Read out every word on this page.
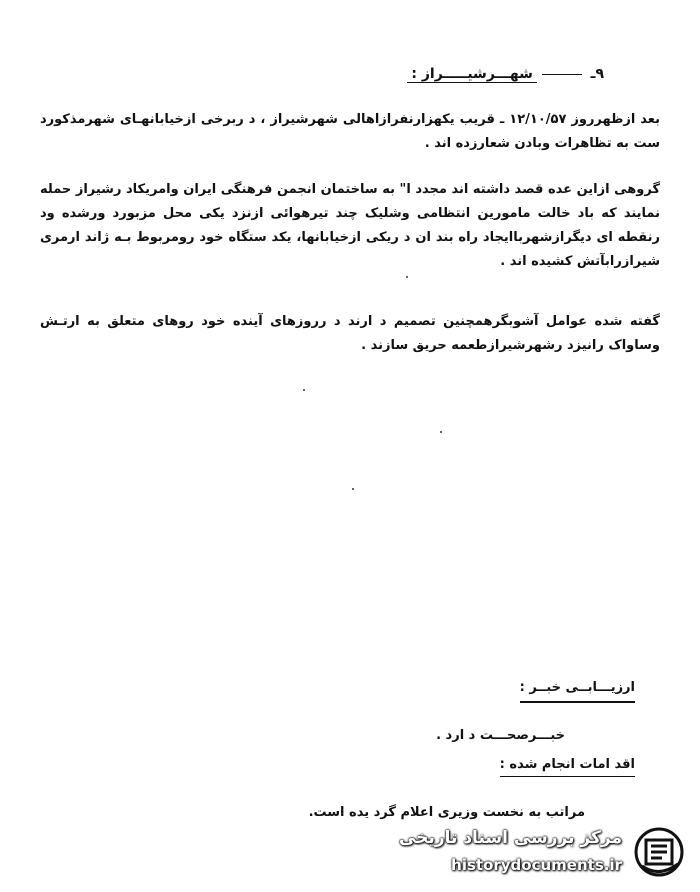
۹ـ  شهـــرشیـــــراز :
بعد ازظهرروز ۱۲/۱۰/۵۷ ـ قریب یکهزارنفرازاهالی شهرشیراز ، د ربرخی ازخیابانهـای شهرمذکورد ست به تظاهرات وبادن شعارزده اند .
گروهی ازاین عده قصد داشته اند مجدد ا" به ساختمان انجمن فرهنگی ایران وامریکاد رشیراز حمله نمایند که باد خالت مامورین انتظامی وشلیک چند تیرهوائی ازنزد یکی محل مزبورد ورشده ود رنقطه ای دیگرازشهرباایجاد راه بند ان د ریکی ازخیابانها، یکد ستگاه خود رومربوط بـه ژاند ارمری شیرازرابآتش کشیده اند .
گفته شده عوامل آشوبگرهمچنین تصمیم د ارند د رروزهای آینده خود روهای متعلق به ارتـش وساواک رانیزد رشهرشیرازطعمه حریق سازند .
ارزیـــابــی خبــر :
خبـــرصحـــت د ارد .
اقد امات انجام شده :
مراتب به نخست وزیری اعلام گرد یده است.
مرکز بررسی اسناد تاریخی
historydocuments.ir
